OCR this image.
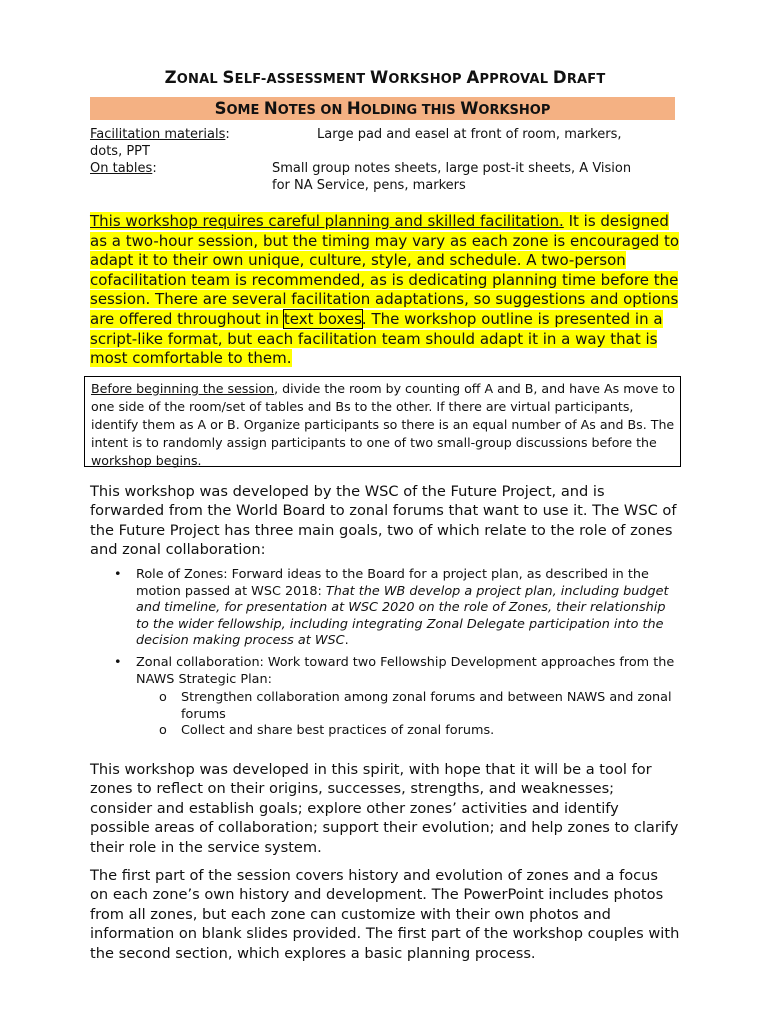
ZONAL SELF-ASSESSMENT WORKSHOP APPROVAL DRAFT
SOME NOTES ON HOLDING THIS WORKSHOP
Facilitation materials:	Large pad and easel at front of room, markers,
dots, PPT
On tables:	Small group notes sheets, large post-it sheets, A Vision
for NA Service, pens, markers
This workshop requires careful planning and skilled facilitation. It is designed as a two-hour session, but the timing may vary as each zone is encouraged to adapt it to their own unique, culture, style, and schedule. A two-person cofacilitation team is recommended, as is dedicating planning time before the session. There are several facilitation adaptations, so suggestions and options are offered throughout in text boxes. The workshop outline is presented in a script-like format, but each facilitation team should adapt it in a way that is most comfortable to them.
Before beginning the session, divide the room by counting off A and B, and have As move to one side of the room/set of tables and Bs to the other. If there are virtual participants, identify them as A or B. Organize participants so there is an equal number of As and Bs. The intent is to randomly assign participants to one of two small-group discussions before the workshop begins.
This workshop was developed by the WSC of the Future Project, and is forwarded from the World Board to zonal forums that want to use it. The WSC of the Future Project has three main goals, two of which relate to the role of zones and zonal collaboration:
• Role of Zones: Forward ideas to the Board for a project plan, as described in the motion passed at WSC 2018: That the WB develop a project plan, including budget and timeline, for presentation at WSC 2020 on the role of Zones, their relationship to the wider fellowship, including integrating Zonal Delegate participation into the decision making process at WSC.
• Zonal collaboration: Work toward two Fellowship Development approaches from the NAWS Strategic Plan:
o Strengthen collaboration among zonal forums and between NAWS and zonal forums
o Collect and share best practices of zonal forums.
This workshop was developed in this spirit, with hope that it will be a tool for zones to reflect on their origins, successes, strengths, and weaknesses; consider and establish goals; explore other zones’ activities and identify possible areas of collaboration; support their evolution; and help zones to clarify their role in the service system.
The first part of the session covers history and evolution of zones and a focus on each zone’s own history and development. The PowerPoint includes photos from all zones, but each zone can customize with their own photos and information on blank slides provided. The first part of the workshop couples with the second section, which explores a basic planning process.
